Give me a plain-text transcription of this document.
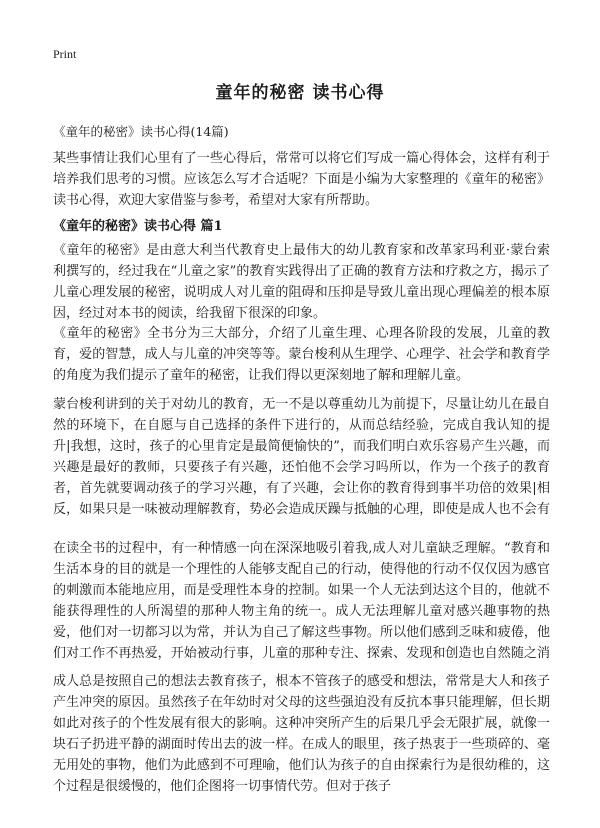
Print
童年的秘密 读书心得
《童年的秘密》读书心得(14篇)

某些事情让我们心里有了一些心得后，常常可以将它们写成一篇心得体会，这样有利于培养我们思考的习惯。应该怎么写才合适呢？下面是小编为大家整理的《童年的秘密》读书心得，欢迎大家借鉴与参考，希望对大家有所帮助。

《童年的秘密》读书心得 篇1

《童年的秘密》是由意大利当代教育史上最伟大的幼儿教育家和改革家玛利亚·蒙台索利撰写的，经过我在“儿童之家”的教育实践得出了正确的教育方法和疗救之方，揭示了儿童心理发展的秘密，说明成人对儿童的阻碍和压抑是导致儿童出现心理偏差的根本原因，经过对本书的阅读，给我留下很深的印象。

《童年的秘密》全书分为三大部分，介绍了儿童生理、心理各阶段的发展，儿童的教育，爱的智慧，成人与儿童的冲突等等。蒙台梭利从生理学、心理学、社会学和教育学的角度为我们提示了童年的秘密，让我们得以更深刻地了解和理解儿童。

蒙台梭利讲到的关于对幼儿的教育，无一不是以尊重幼儿为前提下，尽量让幼儿在最自然的环境下，在自愿与自己选择的条件下进行的，从而总结经验，完成自我认知的提升|我想，这时，孩子的心里肯定是最简便愉快的”，而我们明白欢乐容易产生兴趣，而兴趣是最好的教师，只要孩子有兴趣，还怕他不会学习吗所以，作为一个孩子的教育者，首先就要调动孩子的学习兴趣，有了兴趣，会让你的教育得到事半功倍的效果|相反，如果只是一味被动理解教育，势必会造成厌躁与抵触的心理，即使是成人也不会有

在读全书的过程中，有一种情感一向在深深地吸引着我,成人对儿童缺乏理解。“教育和生活本身的目的就是一个理性的人能够支配自己的行动，使得他的行动不仅仅因为感官的刺激而本能地应用，而是受理性本身的控制。如果一个人无法到达这个目的，他就不能获得理性的人所渴望的那种人物主角的统一。成人无法理解儿童对感兴趣事物的热爱，他们对一切都习以为常，并认为自己了解这些事物。所以他们感到乏味和疲倦，他们对工作不再热爱，开始被动行事，儿童的那种专注、探索、发现和创造也自然随之消

成人总是按照自己的想法去教育孩子，根本不管孩子的感受和想法，常常是大人和孩子产生冲突的原因。虽然孩子在年幼时对父母的这些强迫没有反抗本事只能理解，但长期如此对孩子的个性发展有很大的影响。这种冲突所产生的后果几乎会无限扩展，就像一块石子扔进平静的湖面时传出去的波一样。在成人的眼里，孩子热衷于一些琐碎的、毫无用处的事物，他们为此感到不可理喻，他们认为孩子的自由探索行为是很幼稚的，这个过程是很缓慢的，他们企图将一切事情代劳。但对于孩子
